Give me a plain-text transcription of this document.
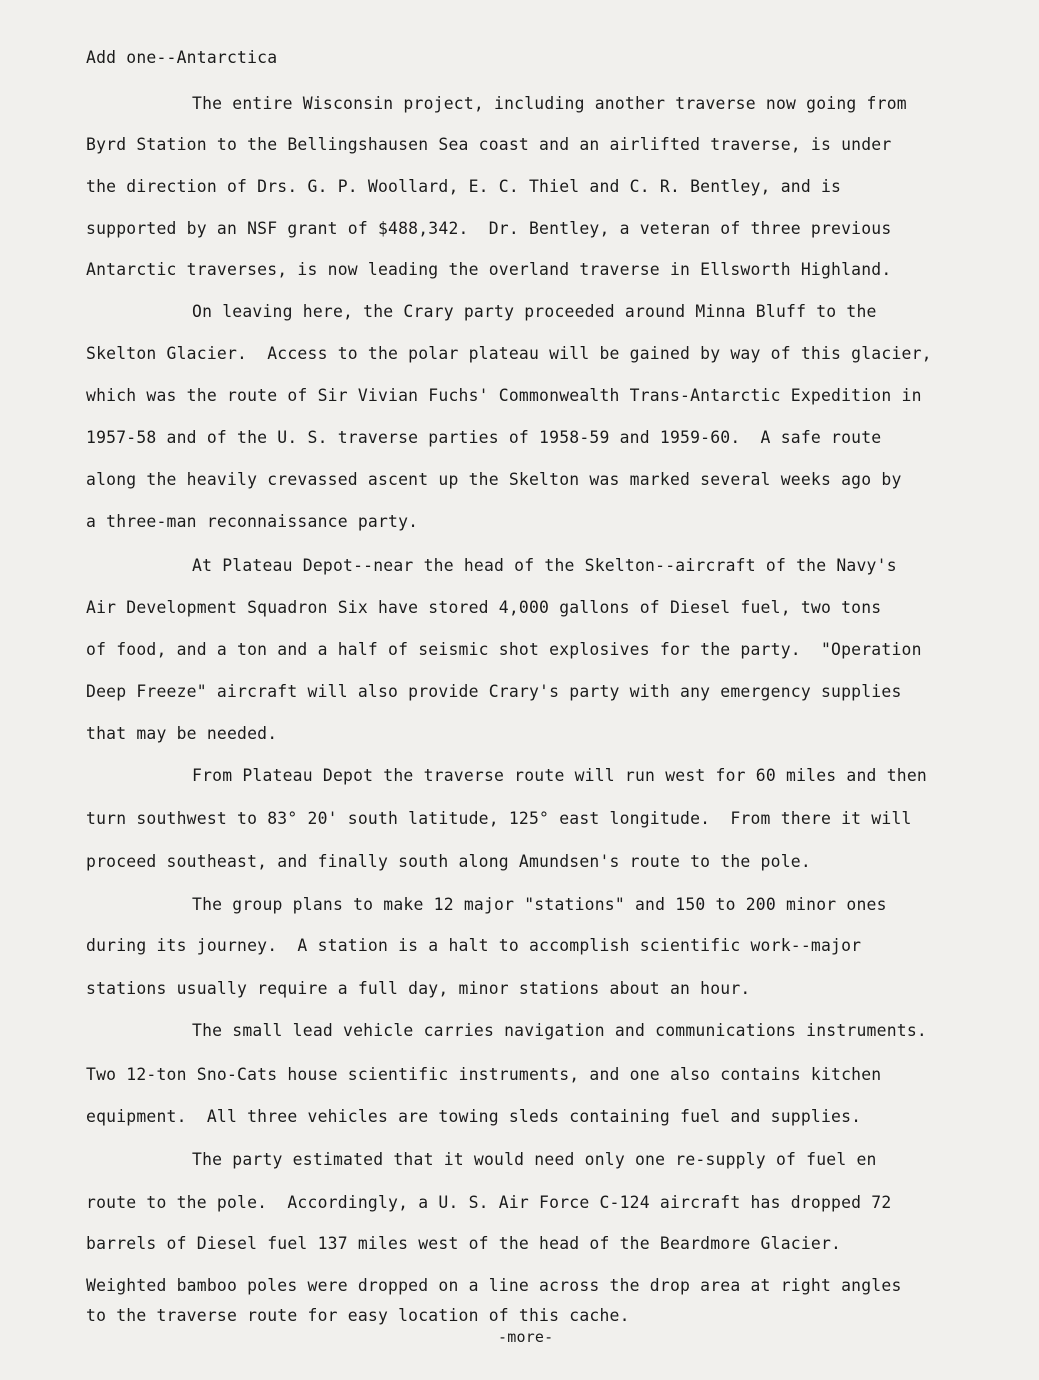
Add one--Antarctica
The entire Wisconsin project, including another traverse now going from
Byrd Station to the Bellingshausen Sea coast and an airlifted traverse, is under
the direction of Drs. G. P. Woollard, E. C. Thiel and C. R. Bentley, and is
supported by an NSF grant of $488,342.  Dr. Bentley, a veteran of three previous
Antarctic traverses, is now leading the overland traverse in Ellsworth Highland.
On leaving here, the Crary party proceeded around Minna Bluff to the
Skelton Glacier.  Access to the polar plateau will be gained by way of this glacier,
which was the route of Sir Vivian Fuchs' Commonwealth Trans-Antarctic Expedition in
1957-58 and of the U. S. traverse parties of 1958-59 and 1959-60.  A safe route
along the heavily crevassed ascent up the Skelton was marked several weeks ago by
a three-man reconnaissance party.
At Plateau Depot--near the head of the Skelton--aircraft of the Navy's
Air Development Squadron Six have stored 4,000 gallons of Diesel fuel, two tons
of food, and a ton and a half of seismic shot explosives for the party.  "Operation
Deep Freeze" aircraft will also provide Crary's party with any emergency supplies
that may be needed.
From Plateau Depot the traverse route will run west for 60 miles and then
turn southwest to 83° 20' south latitude, 125° east longitude.  From there it will
proceed southeast, and finally south along Amundsen's route to the pole.
The group plans to make 12 major "stations" and 150 to 200 minor ones
during its journey.  A station is a halt to accomplish scientific work--major
stations usually require a full day, minor stations about an hour.
The small lead vehicle carries navigation and communications instruments.
Two 12-ton Sno-Cats house scientific instruments, and one also contains kitchen
equipment.  All three vehicles are towing sleds containing fuel and supplies.
The party estimated that it would need only one re-supply of fuel en
route to the pole.  Accordingly, a U. S. Air Force C-124 aircraft has dropped 72
barrels of Diesel fuel 137 miles west of the head of the Beardmore Glacier.
Weighted bamboo poles were dropped on a line across the drop area at right angles
to the traverse route for easy location of this cache.
-more-
